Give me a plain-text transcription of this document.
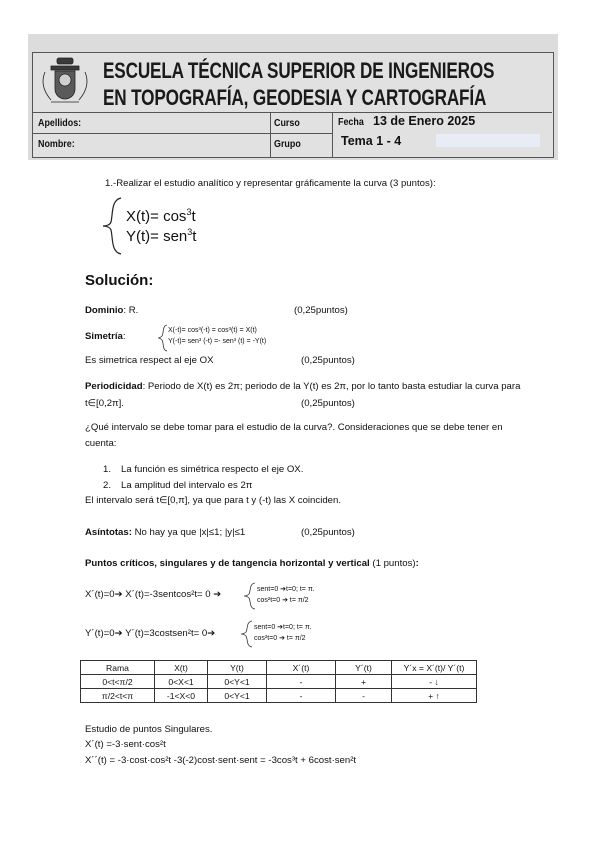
ESCUELA TÉCNICA SUPERIOR DE INGENIEROS
EN TOPOGRAFÍA, GEODESIA Y CARTOGRAFÍA
Apellidos:
Nombre:
Curso
Grupo
Fecha 13 de Enero 2025
Tema 1 - 4
1.-Realizar el estudio analítico y representar gráficamente la curva (3 puntos):
$X(t)= \cos^3t$
Y(t)= sen$^3$t
Solución:
Dominio: R.	(0,25puntos)
Simetría:
X(-t)= cos³(-t) = cos³(t) = X(t)
Y(-t)= sen³ (-t) =- sen³ (t) = -Y(t)
Es simetrica respect al eje OX	(0,25puntos)
Periodicidad: Periodo de X(t) es 2π; periodo de la Y(t) es 2π, por lo tanto basta estudiar la curva para
t∈[0,2π].	(0,25puntos)
¿Qué intervalo se debe tomar para el estudio de la curva?. Consideraciones que se debe tener en
cuenta:
1. La función es simétrica respecto el eje OX.
2. La amplitud del intervalo es 2π
El intervalo será t∈[0,π], ya que para t y (-t) las X coinciden.
Asíntotas: No hay ya que |x|≤1; |y|≤1	(0,25puntos)
Puntos críticos, singulares y de tangencia horizontal y vertical (1 puntos):
X´(t)=0➔ X´(t)=-3sentcos²t= 0 ➔	sent=0 ➔t=0; t= π.
cos²t=0 ➔ t= π/2
Y´(t)=0➔ Y´(t)=3costsen²t= 0➔
sent=0 ➔t=0; t= π.
cos²t=0 ➔ t= π/2
Rama	X(t)	Y(t)	X´(t)	Y´(t)	Y´x = X´(t)/ Y´(t)
0<t<π/2	0<X<1	0<Y<1	-	+	- ↓
π/2<t<π	-1<X<0	0<Y<1	-	-	+ ↑
Estudio de puntos Singulares.
X´(t) =-3·sent·cos²t
X´´(t) = -3·cost·cos²t -3(-2)cost·sent·sent = -3cos³t + 6cost·sen²t
